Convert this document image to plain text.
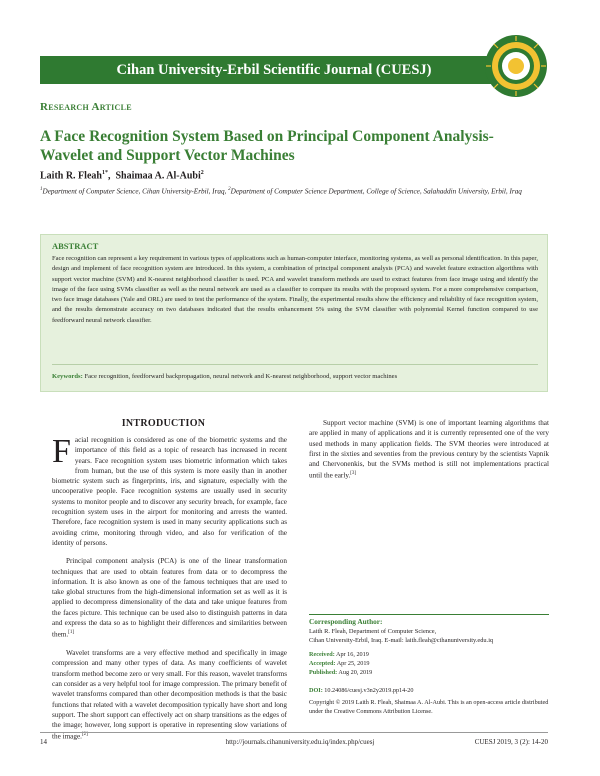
Cihan University-Erbil Scientific Journal (CUESJ)
Research Article
A Face Recognition System Based on Principal Component Analysis-Wavelet and Support Vector Machines
Laith R. Fleah$^{1*}$,  Shaimaa A. Al-Aubi$^2$
$^1$Department of Computer Science, Cihan University-Erbil, Iraq, $^2$Department of Computer Science Department, College of Science, Salahaddin University, Erbil, Iraq
ABSTRACT

Face recognition can represent a key requirement in various types of applications such as human-computer interface, monitoring systems, as well as personal identification. In this paper, design and implement of face recognition system are introduced. In this system, a combination of principal component analysis (PCA) and wavelet feature extraction algorithms with support vector machine (SVM) and K-nearest neighborhood classifier is used. PCA and wavelet transform methods are used to extract features from face image using and identify the image of the face using SVMs classifier as well as the neural network are used as a classifier to compare its results with the proposed system. For a more comprehensive comparison, two face image databases (Yale and ORL) are used to test the performance of the system. Finally, the experimental results show the efficiency and reliability of face recognition system, and the results demonstrate accuracy on two databases indicated that the results enhancement 5% using the SVM classifier with polynomial Kernel function compared to use feedforward neural network classifier.

Keywords: Face recognition, feedforward backpropagation, neural network and K-nearest neighborhood, support vector machines
INTRODUCTION

Facial recognition is considered as one of the biometric systems and the importance of this field as a topic of research has increased in recent years. Face recognition system uses biometric information which takes from human, but the use of this system is more easily than in another biometric system such as fingerprints, iris, and signature, especially with the uncooperative people. Face recognition systems are usually used in security systems to monitor people and to discover any security breach, for example, face recognition system uses in the airport for monitoring and arrests the wanted. Therefore, face recognition system is used in many security applications such as avoiding crime, monitoring through video, and also for verification of the identity of persons.

Principal component analysis (PCA) is one of the linear transformation techniques that are used to obtain features from data or to decompress the information. It is also known as one of the famous techniques that are used to take global structures from the high-dimensional information set as well as it is applied to decompress dimensionality of the data and take unique features from the faces picture. This technique can be used also to distinguish patterns in data and express the data so as to highlight their differences and similarities between them.[1]

Wavelet transforms are a very effective method and specifically in image compression and many other types of data. As many coefficients of wavelet transform method become zero or very small. For this reason, wavelet transforms can consider as a very helpful tool for image compression. The primary benefit of wavelet transforms compared than other decomposition methods is that the basic functions that related with a wavelet decomposition typically have short and long support. The short support can effectively act on sharp transitions as the edges of the image; however, long support is operative in representing slow variations of the image.[2]

Support vector machine (SVM) is one of important learning algorithms that are applied in many of applications and it is currently represented one of the very used methods in many application fields. The SVM theories were introduced at first in the sixties and seventies from the previous century by the scientists Vapnik and Chervonenkis, but the SVMs method is still not implementations practical until the early.[3]

Corresponding Author:
Laith R. Fleah, Department of Computer Science,
Cihan University-Erbil, Iraq. E-mail: laith.fleah@cihanuniversity.edu.iq
Received: Apr 16, 2019
Accepted: Apr 25, 2019
Published: Aug 20, 2019
DOI: 10.24086/cuesj.v3n2y2019.pp14-20
Copyright © 2019 Laith R. Fleah, Shaimaa A. Al-Aubi. This is an open-access article distributed under the Creative Commons Attribution License.
14	http://journals.cihanuniversity.edu.iq/index.php/cuesj	CUESJ 2019, 3 (2): 14-20
